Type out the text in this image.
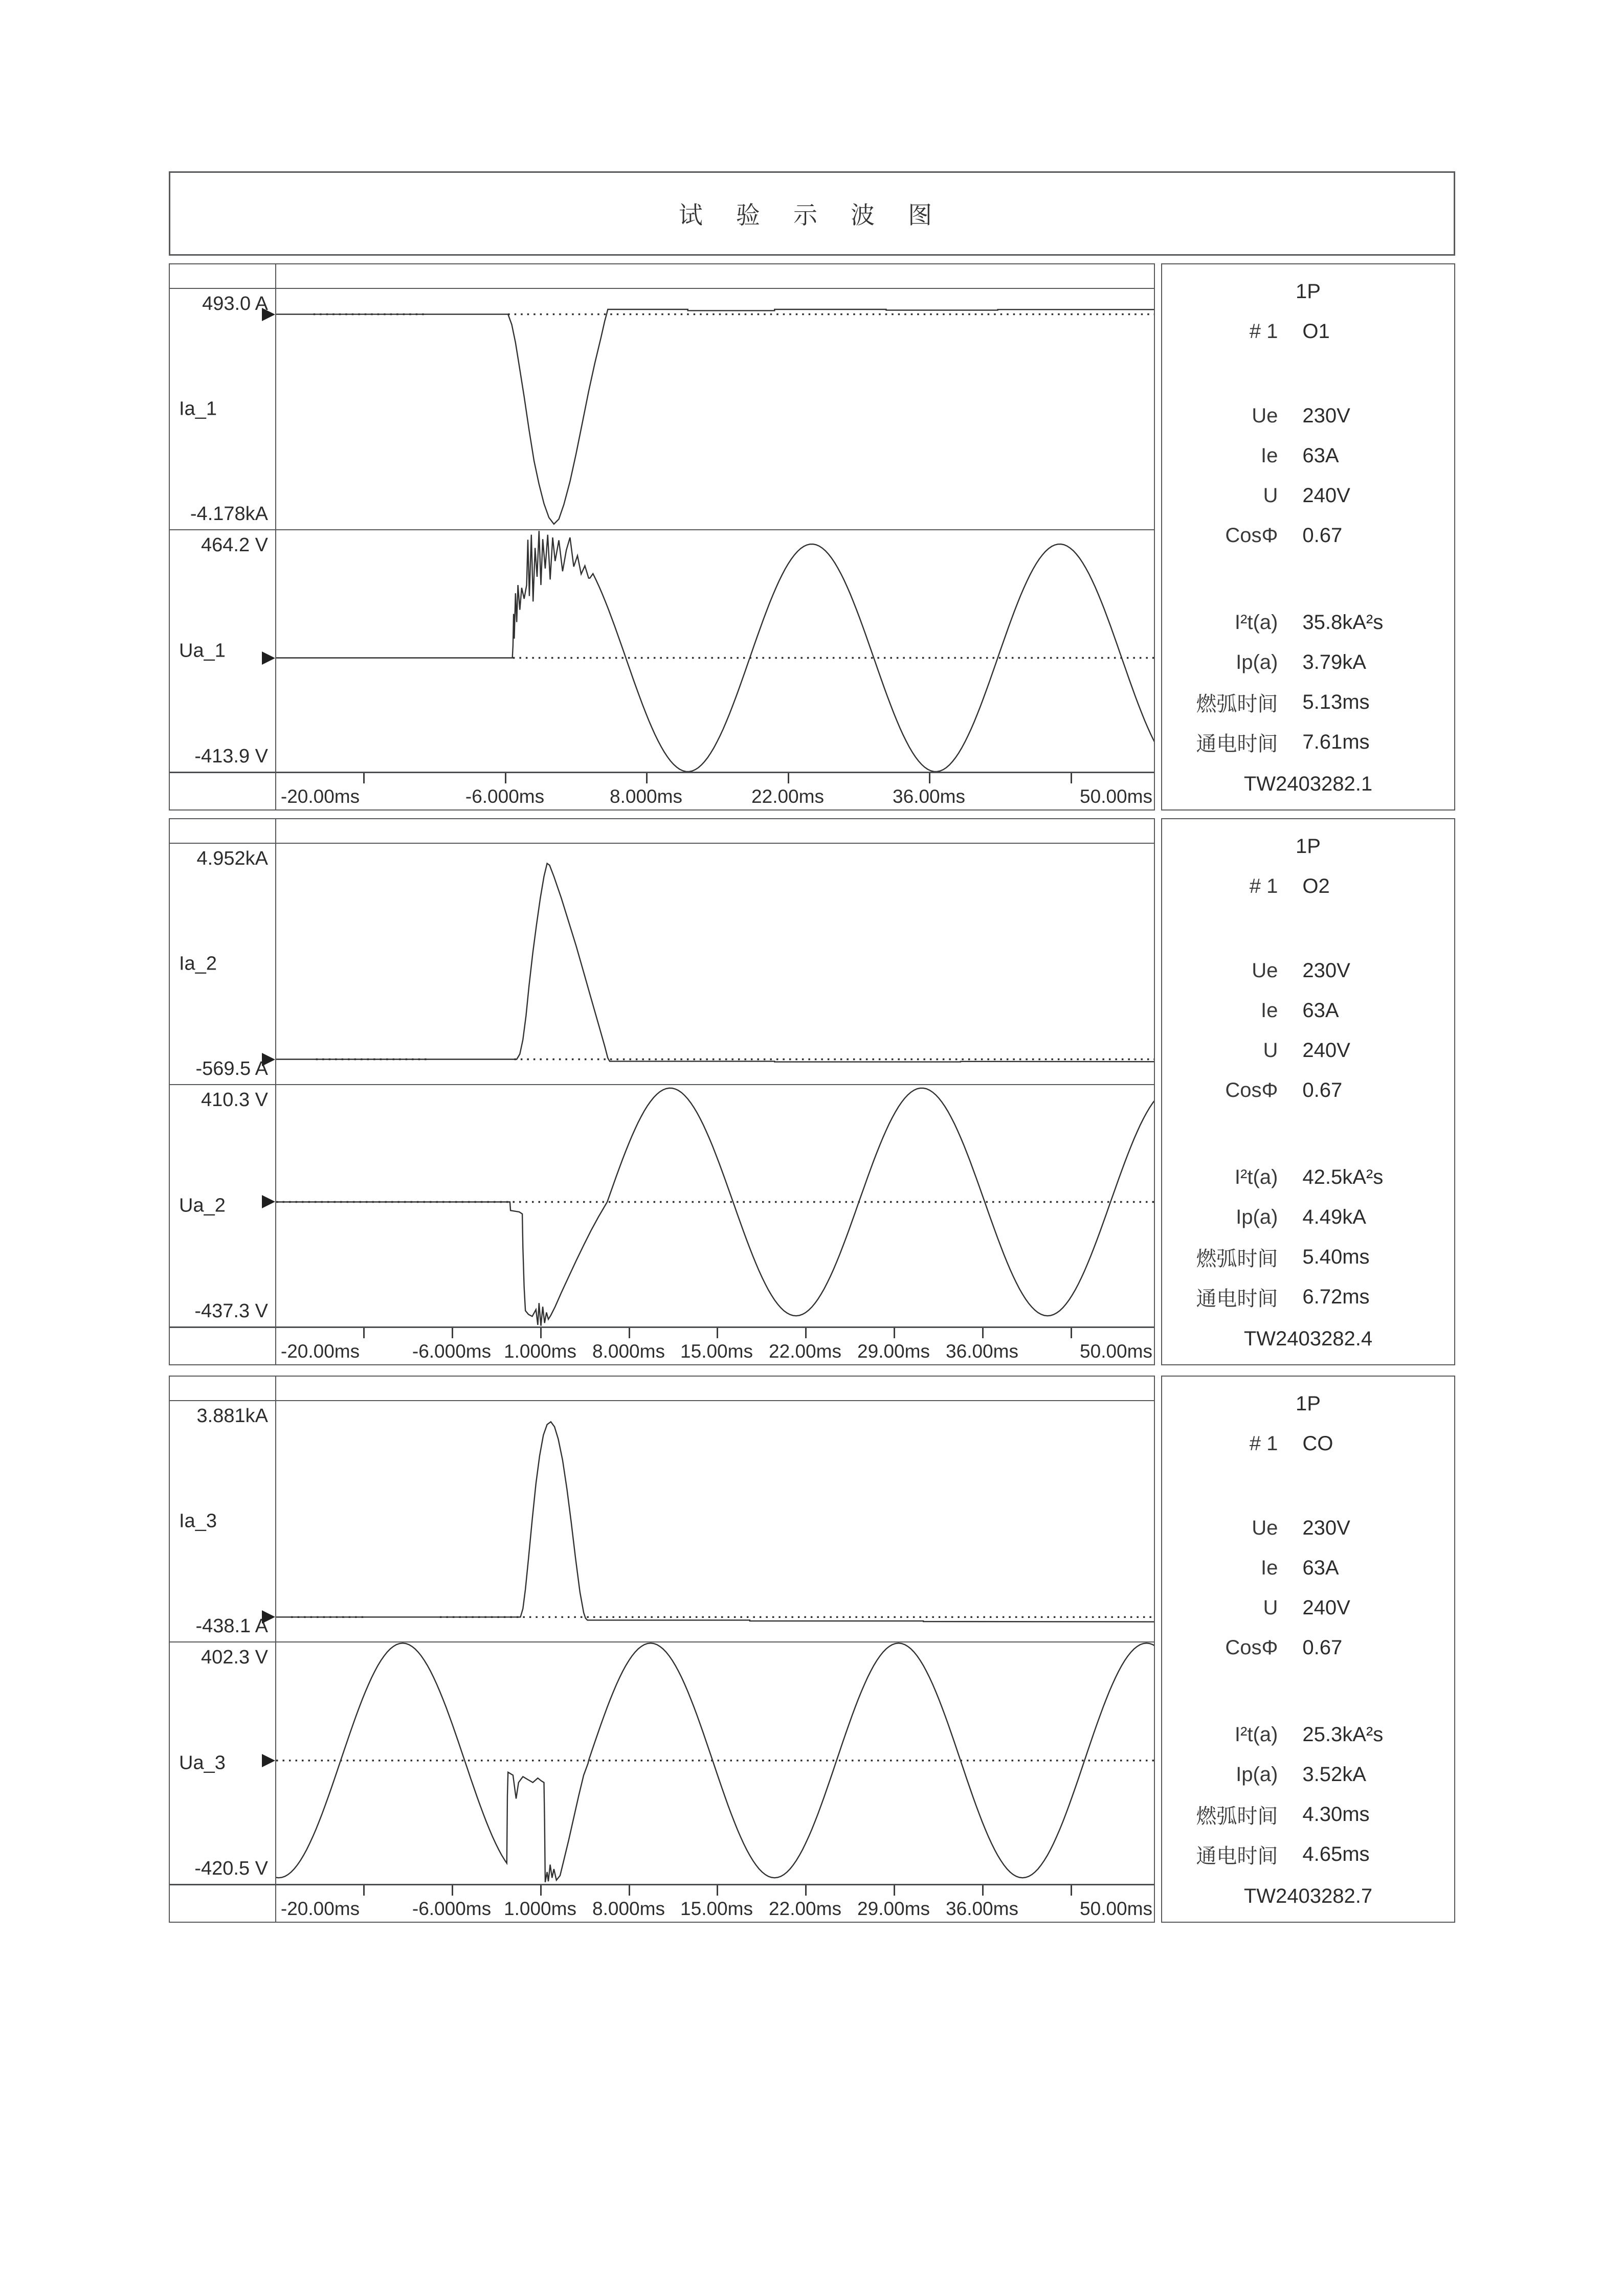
试 验 示 波 图
493.0 A
Ia_1
-4.178kA
464.2 V
Ua_1
-413.9 V
-20.00ms	-6.000ms	8.000ms	22.00ms	36.00ms	50.00ms
1P
# 1	O1
Ue	230V
Ie	63A
U	240V
CosΦ	0.67
I²t(a)	35.8kA²s
Ip(a)	3.79kA
燃弧时间	5.13ms
通电时间	7.61ms
TW2403282.1
4.952kA
Ia_2
-569.5 A
410.3 V
Ua_2
-437.3 V
-20.00ms	-6.000ms 1.000ms 8.000ms 15.00ms 22.00ms 29.00ms 36.00ms	50.00ms
1P
# 1	O2
Ue	230V
Ie	63A
U	240V
CosΦ	0.67
I²t(a)	42.5kA²s
Ip(a)	4.49kA
燃弧时间	5.40ms
通电时间	6.72ms
TW2403282.4
3.881kA
Ia_3
-438.1 A
402.3 V
Ua_3
-420.5 V
-20.00ms	-6.000ms 1.000ms 8.000ms 15.00ms 22.00ms 29.00ms 36.00ms	50.00ms
1P
# 1	CO
Ue	230V
Ie	63A
U	240V
CosΦ	0.67
I²t(a)	25.3kA²s
Ip(a)	3.52kA
燃弧时间	4.30ms
通电时间	4.65ms
TW2403282.7
